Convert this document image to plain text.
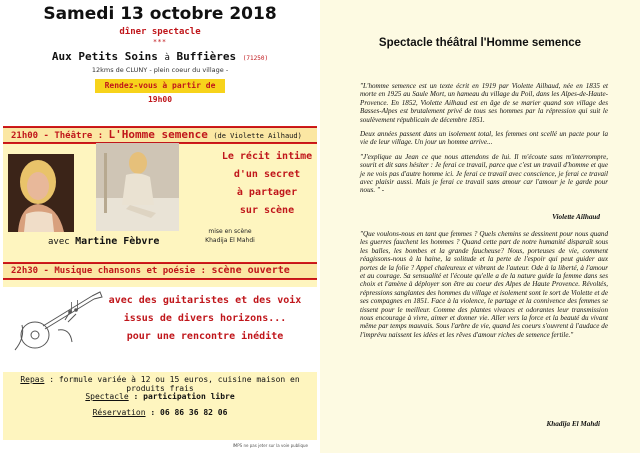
Samedi 13 octobre 2018
dîner spectacle
***
Aux Petits Soins à Buffières (71250)
12kms de CLUNY - plein coeur du village -
Rendez-vous à partir de 19h00
21h00 - Théâtre : L'Homme semence (de Violette Ailhaud)
Le récit intime
d'un secret
à partager
sur scène
avec Martine Fèbvre
mise en scène
Khadija El Mahdi
22h30 - Musique chansons et poésie : scène ouverte
avec des guitaristes et des voix
issus de divers horizons...
pour une rencontre inédite
Repas : formule variée à 12 ou 15 euros, cuisine maison en produits frais
Spectacle : participation libre
Réservation : 06 86 36 82 06
IMPS ne pas jeter sur la voie publique
Spectacle théâtral l'Homme semence

"L'homme semence est un texte écrit en 1919 par Violette Ailhaud, née en 1835 et morte en 1925 au Saule Mort, un hameau du village du Poil, dans les Alpes-de-Haute-Provence. En 1852, Violette Ailhaud est en âge de se marier quand son village des Basses-Alpes est brutalement privé de tous ses hommes par la répression qui suit le soulèvement républicain de décembre 1851.

Deux années passent dans un isolement total, les femmes ont scellé un pacte pour la vie de leur village. Un jour un homme arrive...

"J'explique au Jean ce que nous attendons de lui. Il m'écoute sans m'interrompre, sourit et dit sans hésiter : Je ferai ce travail, parce que c'est un travail d'homme et que je ne vois pas d'autre homme ici. Je ferai ce travail avec conscience, je ferai ce travail avec plaisir aussi. Mais je ferai ce travail sans amour car l'amour je le garde pour nous. " -

Violette Ailhaud
"Que voulons-nous en tant que femmes ? Quels chemins se dessinent pour nous quand les guerres fauchent les hommes ? Quand cette part de notre humanité disparaît sous les balles, les bombes et la grande faucheuse? Nous, porteuses de vie, comment réagissons-nous à la haine, la solitude et la perte de l'espoir qui peut guider aux portes de la folie ? Appel chaleureux et vibrant de l'auteur. Ode à la liberté, à l'amour et au courage. Sa sensualité et l'écoute qu'elle a de la nature guide la femme dans ses choix et l'amène à déployer son être au coeur des Alpes de Haute Provence. Révoltés, répressions sanglantes des hommes du village et isolement sont le sort de Violette et de ses compagnes en 1851. Face à la violence, le partage et la connivence des femmes se tissent pour le meilleur. Comme des plantes vivaces et odorantes leur transmission nous encourage à vivre, aimer et donner vie. Aller vers la force et la beauté du vivant même par temps mauvais. Sous l'arbre de vie, quand les coeurs s'ouvrent à l'audace de l'imprévu naissent les idées et les rêves d'amour riches de semence fertile."
Khadija El Mahdi
